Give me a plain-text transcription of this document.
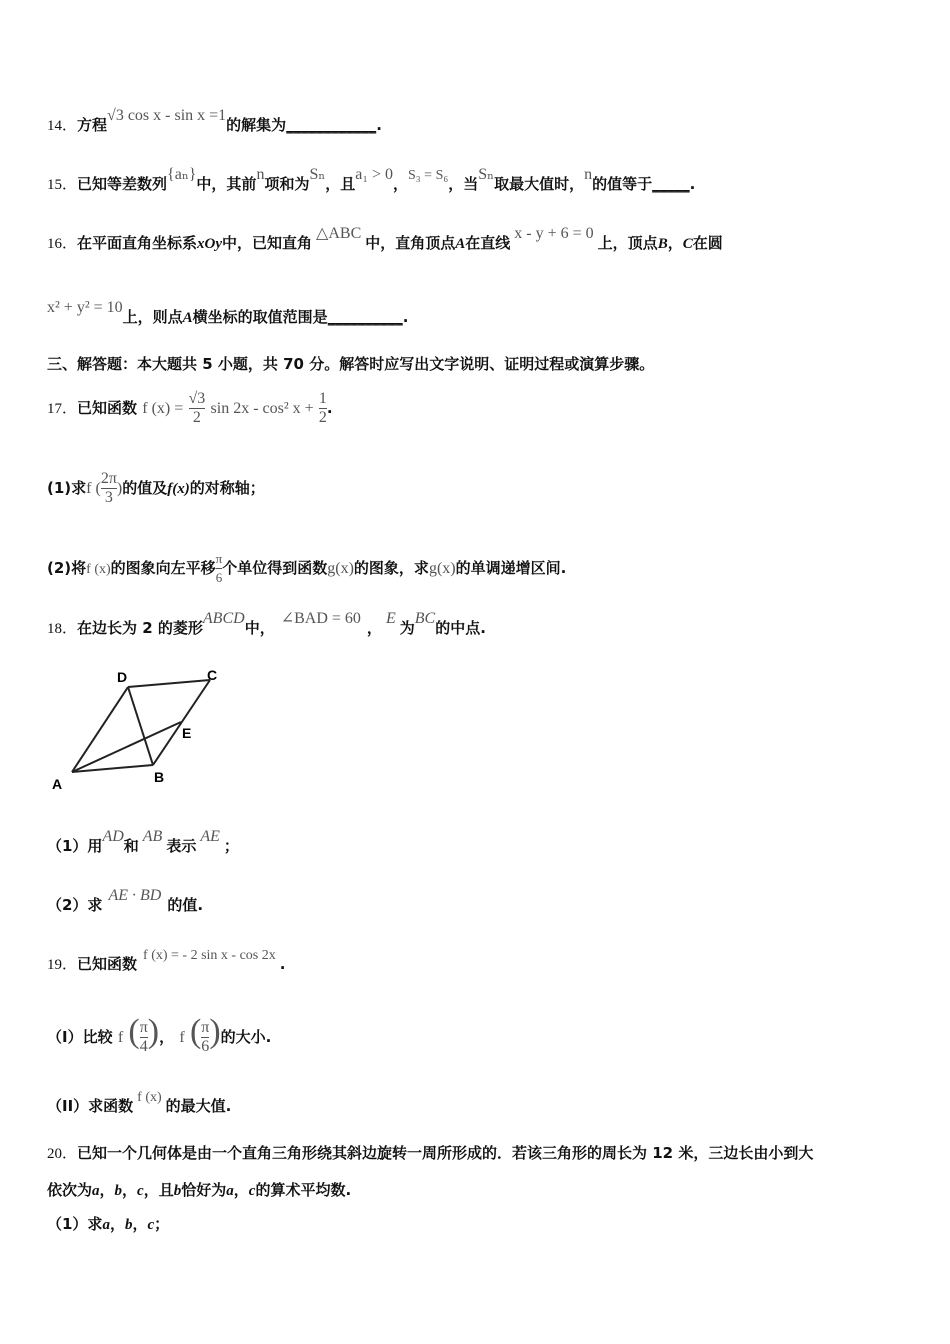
14．方程√3 cos x - sin x =1的解集为____________.
15．已知等差数列{aₙ}中，其前n项和为Sₙ，且a₁ > 0，S₃ = S₆，当Sₙ取最大值时，n的值等于_____.
16．在平面直角坐标系xOy中，已知直角△ABC中，直角顶点A在直线x - y + 6 = 0上，顶点B，C在圆
x² + y² = 10上，则点A横坐标的取值范围是__________.
三、解答题：本大题共 5 小题，共 70 分。解答时应写出文字说明、证明过程或演算步骤。
17．已知函数 f $(x) = \frac{√3}{2}$ sin 2x - cos² $x + \frac{1}{2}$ .
(1)求f ( $\frac{2\pi}{3}$ )的值及f(x)的对称轴；
(2)将f (x)的图象向左平移 $\frac{\pi}{6}$ 个单位得到函数g(x)的图象，求g(x)的单调递增区间.
18．在边长为 2 的菱形ABCD中，∠BAD = 60，E为BC的中点.
D	C
E
A	B
（1）用AD和AB表示AE；
（2）求AE · BD的值.
19．已知函数 f (x) = - 2 sin x - cos 2x .
（I）比较 f ( $\frac{\pi}{4}$ )， f ( $\frac{\pi}{6}$ )的大小.
（II）求函数 f (x) 的最大值.
20．已知一个几何体是由一个直角三角形绕其斜边旋转一周所形成的．若该三角形的周长为 12 米，三边长由小到大
依次为a，b，c，且b恰好为a，c的算术平均数.
（1）求a，b，c；
